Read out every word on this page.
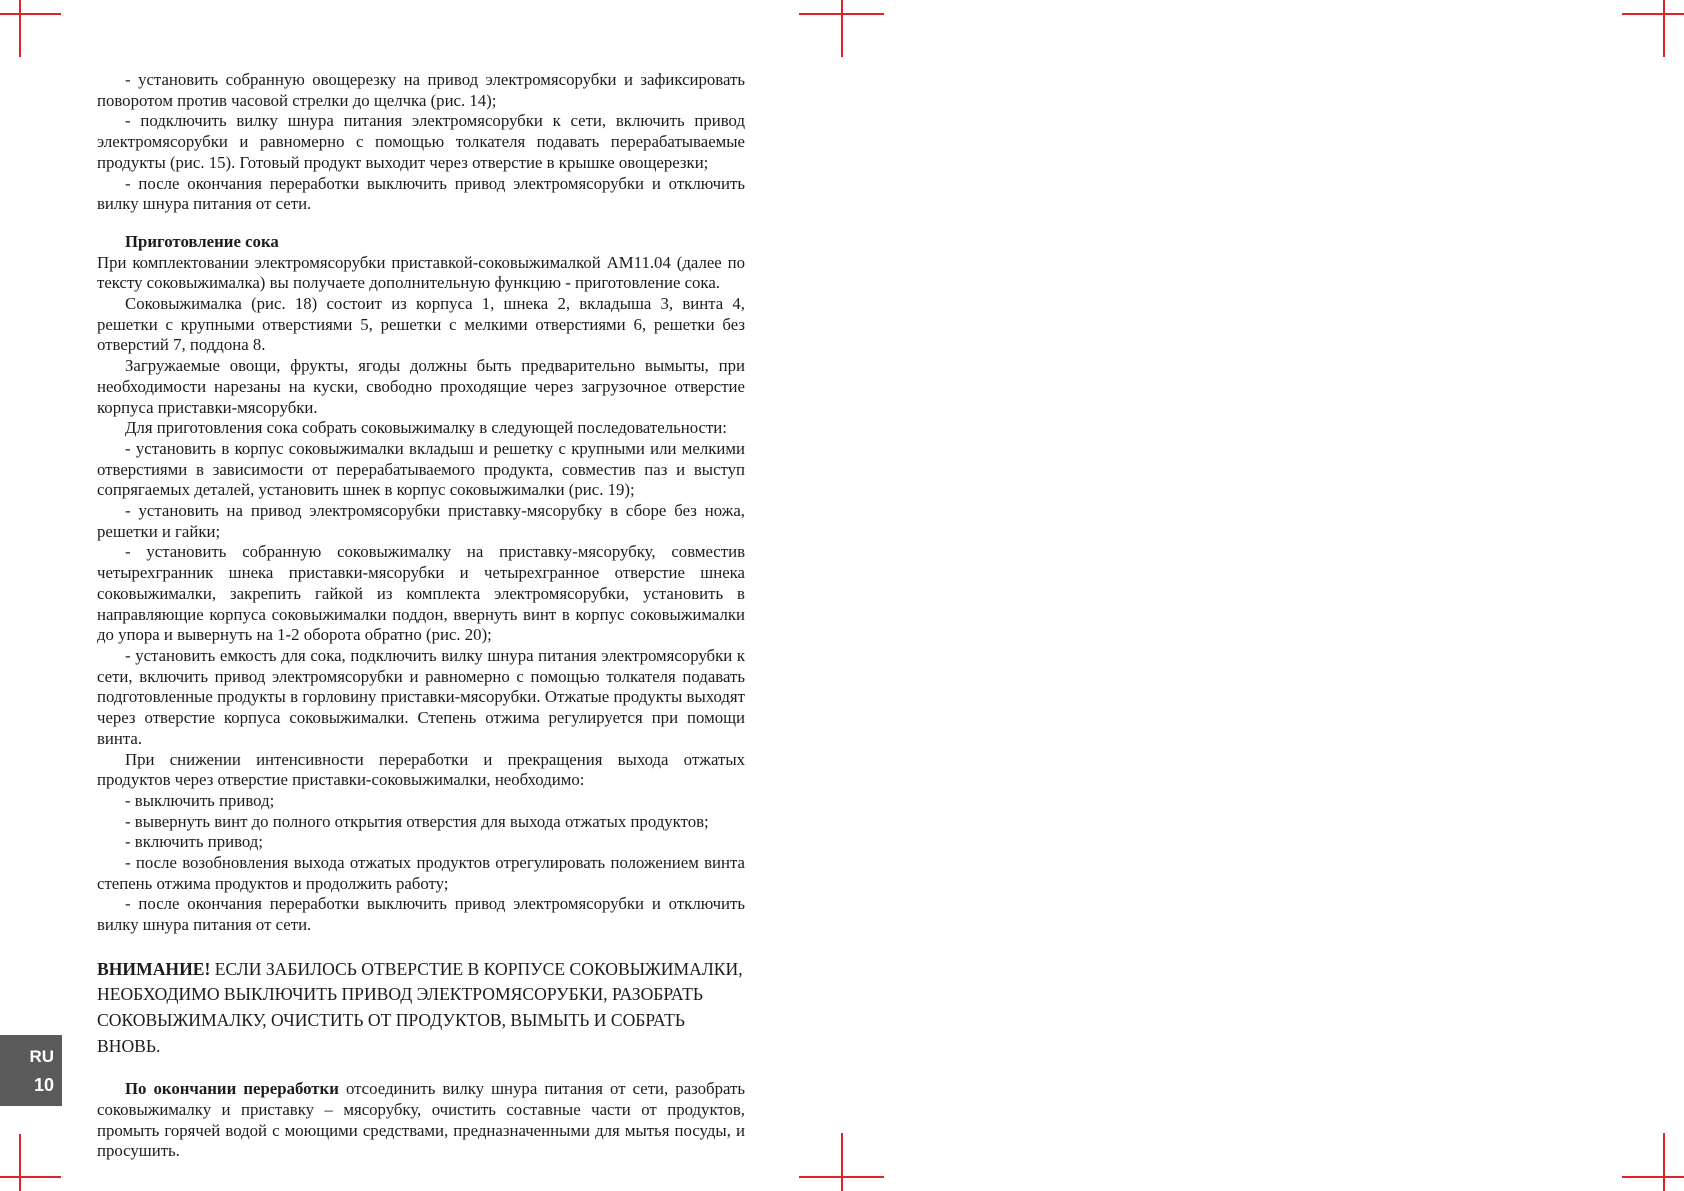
- установить собранную овощерезку на привод электромясорубки и зафиксировать поворотом против часовой стрелки до щелчка (рис. 14);

- подключить вилку шнура питания электромясорубки к сети, включить привод электромясорубки и равномерно с помощью толкателя подавать перерабатываемые продукты (рис. 15). Готовый продукт выходит через отверстие в крышке овощерезки;

- после окончания переработки выключить привод электромясорубки и отключить вилку шнура питания от сети.

Приготовление сока

При комплектовании электромясорубки приставкой-соковыжималкой АМ11.04 (далее по тексту соковыжималка) вы получаете дополнительную функцию - приготовление сока.

Соковыжималка (рис. 18) состоит из корпуса 1, шнека 2, вкладыша 3, винта 4, решетки с крупными отверстиями 5, решетки с мелкими отверстиями 6, решетки без отверстий 7, поддона 8.

Загружаемые овощи, фрукты, ягоды должны быть предварительно вымыты, при необходимости нарезаны на куски, свободно проходящие через загрузочное отверстие корпуса приставки-мясорубки.

Для приготовления сока собрать соковыжималку в следующей последовательности:

- установить в корпус соковыжималки вкладыш и решетку с крупными или мелкими отверстиями в зависимости от перерабатываемого продукта, совместив паз и выступ сопрягаемых деталей, установить шнек в корпус соковыжималки (рис. 19);

- установить на привод электромясорубки приставку-мясорубку в сборе без ножа, решетки и гайки;

- установить собранную соковыжималку на приставку-мясорубку, совместив четырехгранник шнека приставки-мясорубки и четырехгранное отверстие шнека соковыжималки, закрепить гайкой из комплекта электромясорубки, установить в направляющие корпуса соковыжималки поддон, ввернуть винт в корпус соковыжималки до упора и вывернуть на 1-2 оборота обратно (рис. 20);

- установить емкость для сока, подключить вилку шнура питания электромясорубки к сети, включить привод электромясорубки и равномерно с помощью толкателя подавать подготовленные продукты в горловину приставки-мясорубки. Отжатые продукты выходят через отверстие корпуса соковыжималки. Степень отжима регулируется при помощи винта.

При снижении интенсивности переработки и прекращения выхода отжатых продуктов через отверстие приставки-соковыжималки, необходимо:

- выключить привод;

- вывернуть винт до полного открытия отверстия для выхода отжатых продуктов;

- включить привод;

- после возобновления выхода отжатых продуктов отрегулировать положением винта степень отжима продуктов и продолжить работу;

- после окончания переработки выключить привод электромясорубки и отключить вилку шнура питания от сети.

ВНИМАНИЕ! ЕСЛИ ЗАБИЛОСЬ ОТВЕРСТИЕ В КОРПУСЕ СОКОВЫЖИМАЛКИ, НЕОБХОДИМО ВЫКЛЮЧИТЬ ПРИВОД ЭЛЕКТРОМЯСОРУБКИ, РАЗОБРАТЬ СОКОВЫЖИМАЛКУ, ОЧИСТИТЬ ОТ ПРОДУКТОВ, ВЫМЫТЬ И СОБРАТЬ ВНОВЬ.

По окончании переработки отсоединить вилку шнура питания от сети, разобрать соковыжималку и приставку – мясорубку, очистить составные части от продуктов, промыть горячей водой с моющими средствами, предназначенными для мытья посуды, и просушить.

RU
10
